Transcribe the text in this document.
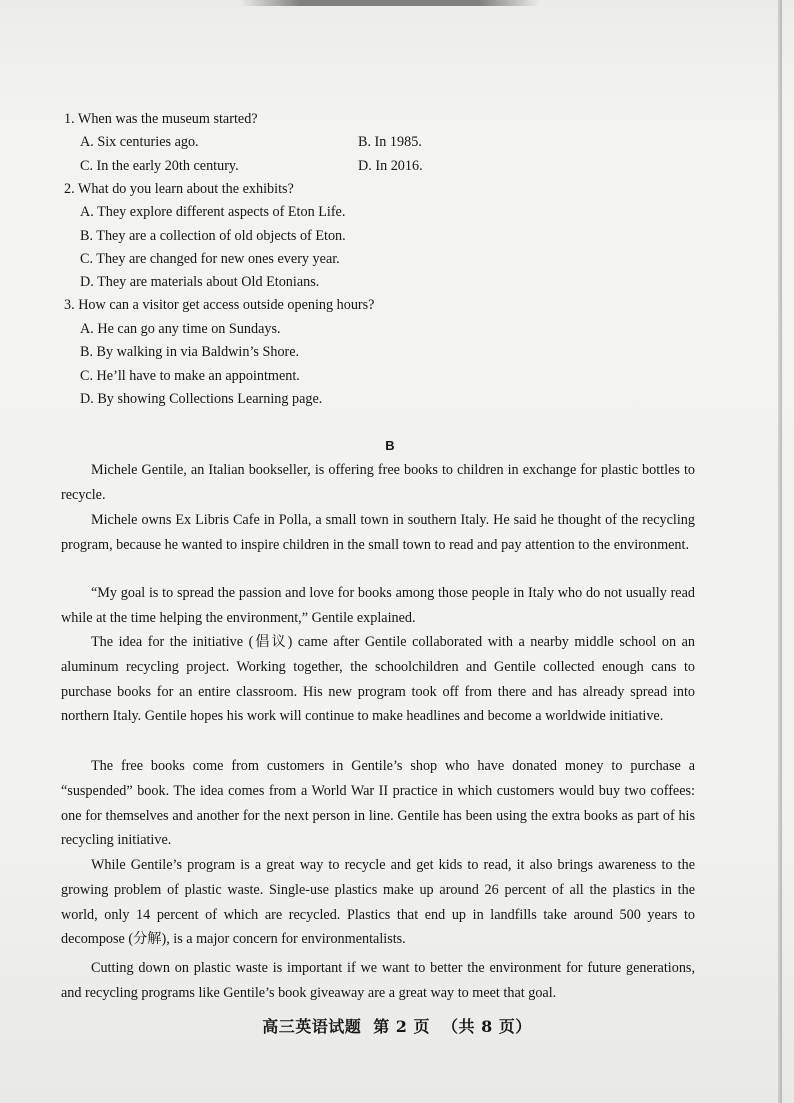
1. When was the museum started?
A. Six centuries ago.	B. In 1985.
C. In the early 20th century.	D. In 2016.
2. What do you learn about the exhibits?
A. They explore different aspects of Eton Life.
B. They are a collection of old objects of Eton.
C. They are changed for new ones every year.
D. They are materials about Old Etonians.
3. How can a visitor get access outside opening hours?
A. He can go any time on Sundays.
B. By walking in via Baldwin’s Shore.
C. He’ll have to make an appointment.
D. By showing Collections Learning page.
B
Michele Gentile, an Italian bookseller, is offering free books to children in exchange for plastic bottles to recycle.
Michele owns Ex Libris Cafe in Polla, a small town in southern Italy. He said he thought of the recycling program, because he wanted to inspire children in the small town to read and pay attention to the environment.
“My goal is to spread the passion and love for books among those people in Italy who do not usually read while at the time helping the environment,” Gentile explained.
The idea for the initiative (倡议) came after Gentile collaborated with a nearby middle school on an aluminum recycling project. Working together, the schoolchildren and Gentile collected enough cans to purchase books for an entire classroom. His new program took off from there and has already spread into northern Italy. Gentile hopes his work will continue to make headlines and become a worldwide initiative.
The free books come from customers in Gentile’s shop who have donated money to purchase a “suspended” book. The idea comes from a World War II practice in which customers would buy two coffees: one for themselves and another for the next person in line. Gentile has been using the extra books as part of his recycling initiative.
While Gentile’s program is a great way to recycle and get kids to read, it also brings awareness to the growing problem of plastic waste. Single-use plastics make up around 26 percent of all the plastics in the world, only 14 percent of which are recycled. Plastics that end up in landfills take around 500 years to decompose (分解), is a major concern for environmentalists.
Cutting down on plastic waste is important if we want to better the environment for future generations, and recycling programs like Gentile’s book giveaway are a great way to meet that goal.
高三英语试题 第 2 页 （共 8 页）
